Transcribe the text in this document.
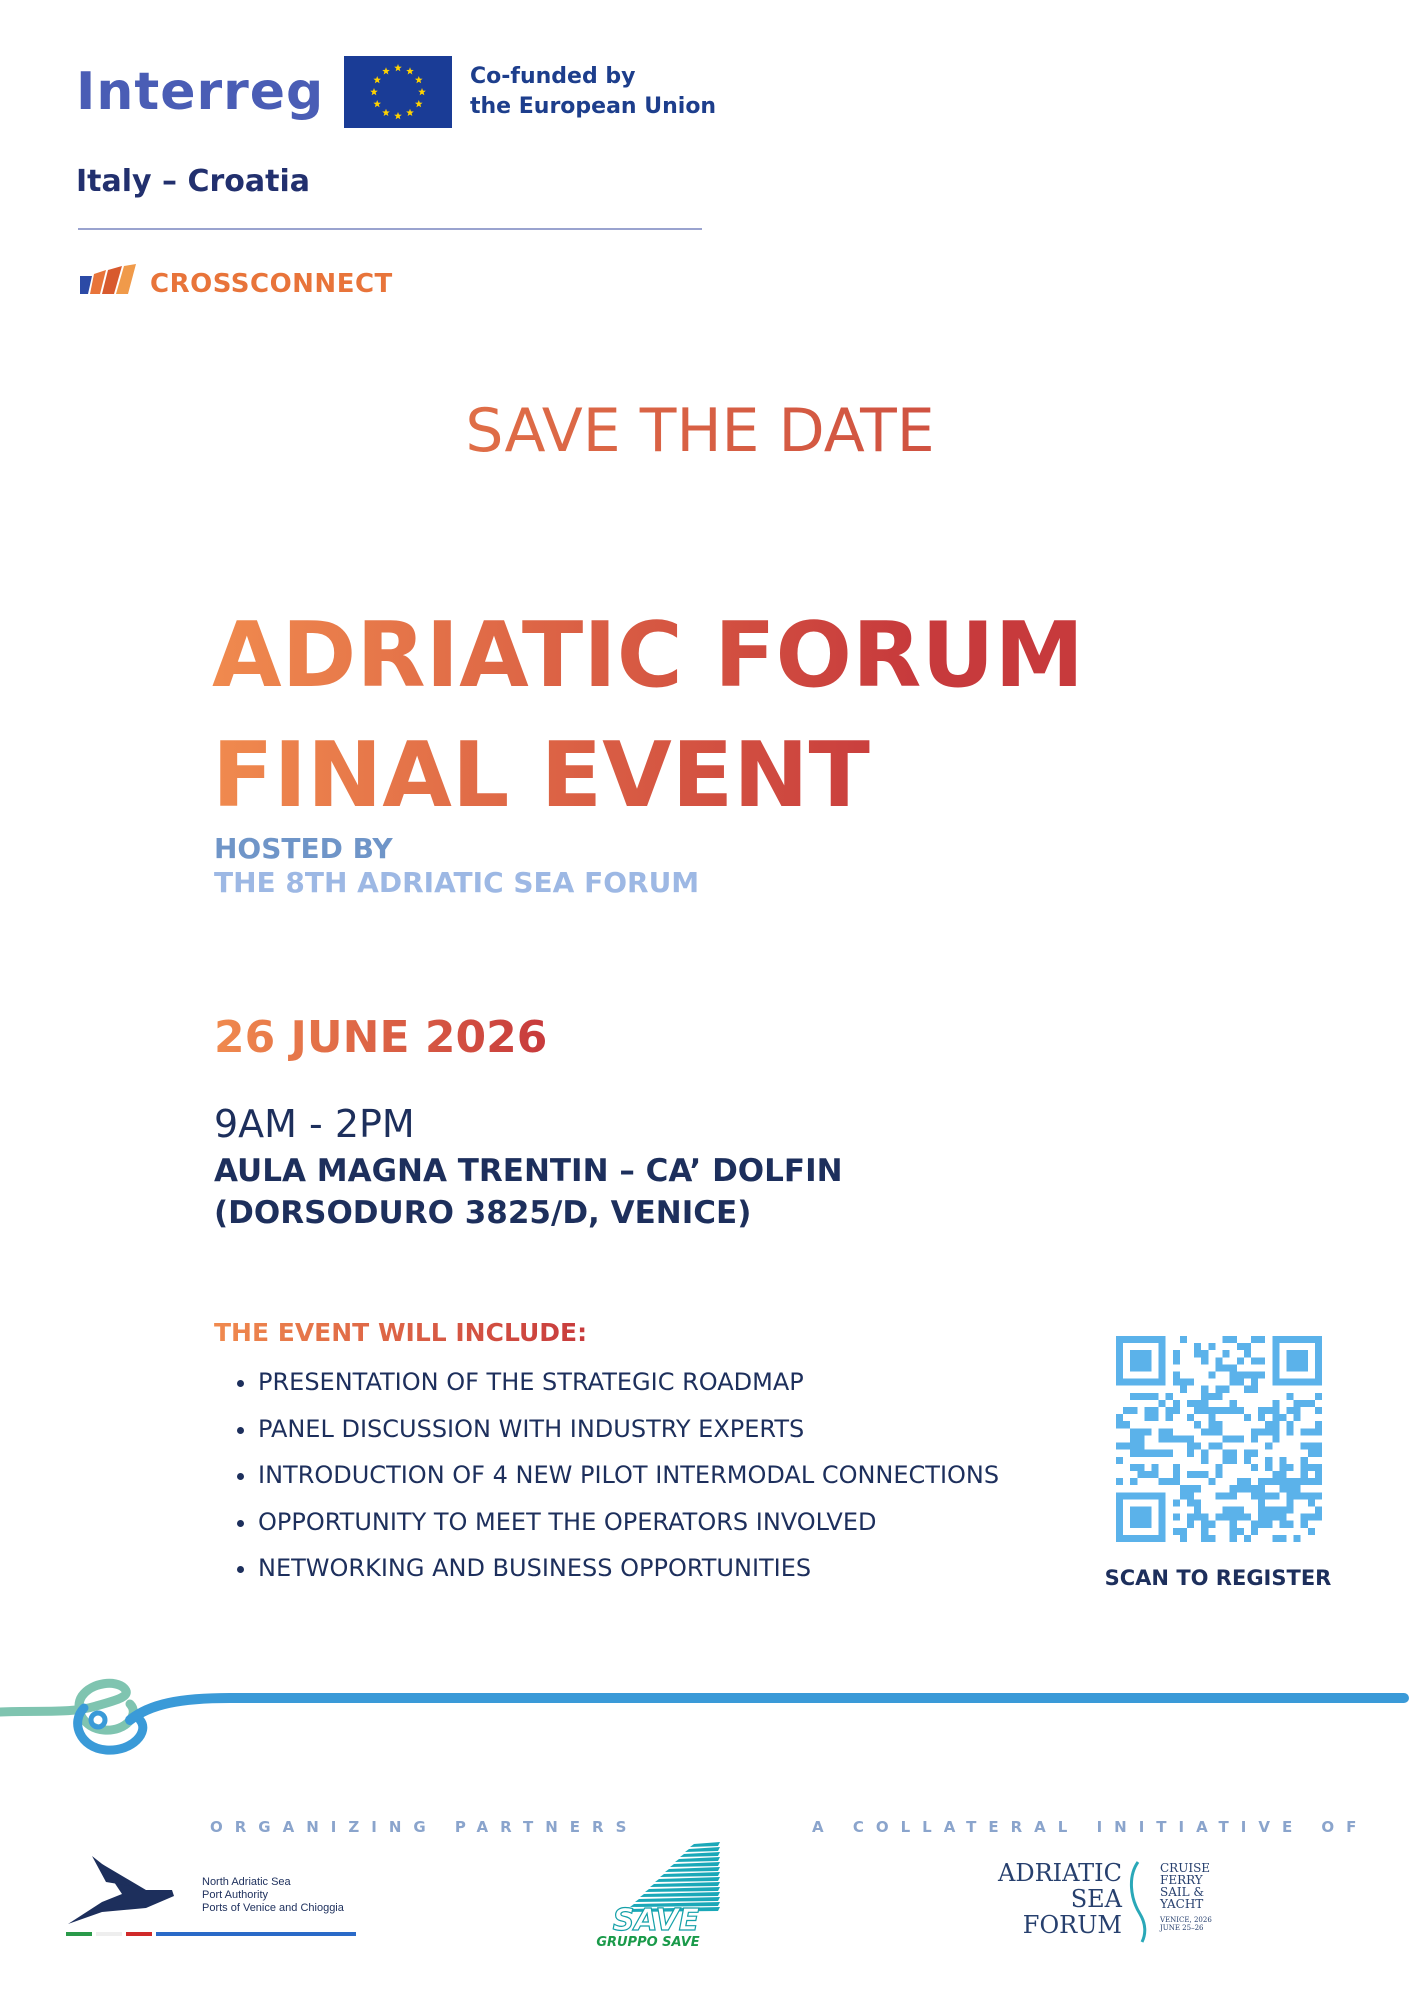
Interreg	Co-funded by
the European Union
Italy – Croatia
CROSSCONNECT
SAVE THE DATE
ADRIATIC FORUM
FINAL EVENT
HOSTED BY
THE 8TH ADRIATIC SEA FORUM
26 JUNE 2026
9AM - 2PM
AULA MAGNA TRENTIN – CA’ DOLFIN
(DORSODURO 3825/D, VENICE)
THE EVENT WILL INCLUDE:
• PRESENTATION OF THE STRATEGIC ROADMAP
• PANEL DISCUSSION WITH INDUSTRY EXPERTS
• INTRODUCTION OF 4 NEW PILOT INTERMODAL CONNECTIONS
• OPPORTUNITY TO MEET THE OPERATORS INVOLVED
• NETWORKING AND BUSINESS OPPORTUNITIES	SCAN TO REGISTER
ORGANIZING PARTNERS	A COLLATERAL INITIATIVE OF
North Adriatic Sea
Port Authority
Ports of Venice and Chioggia	SAVE
GRUPPO SAVE
ADRIATIC
SEA
FORUM
CRUISE
FERRY
SAIL &
YACHT
VENICE, 2026
JUNE 25–26
